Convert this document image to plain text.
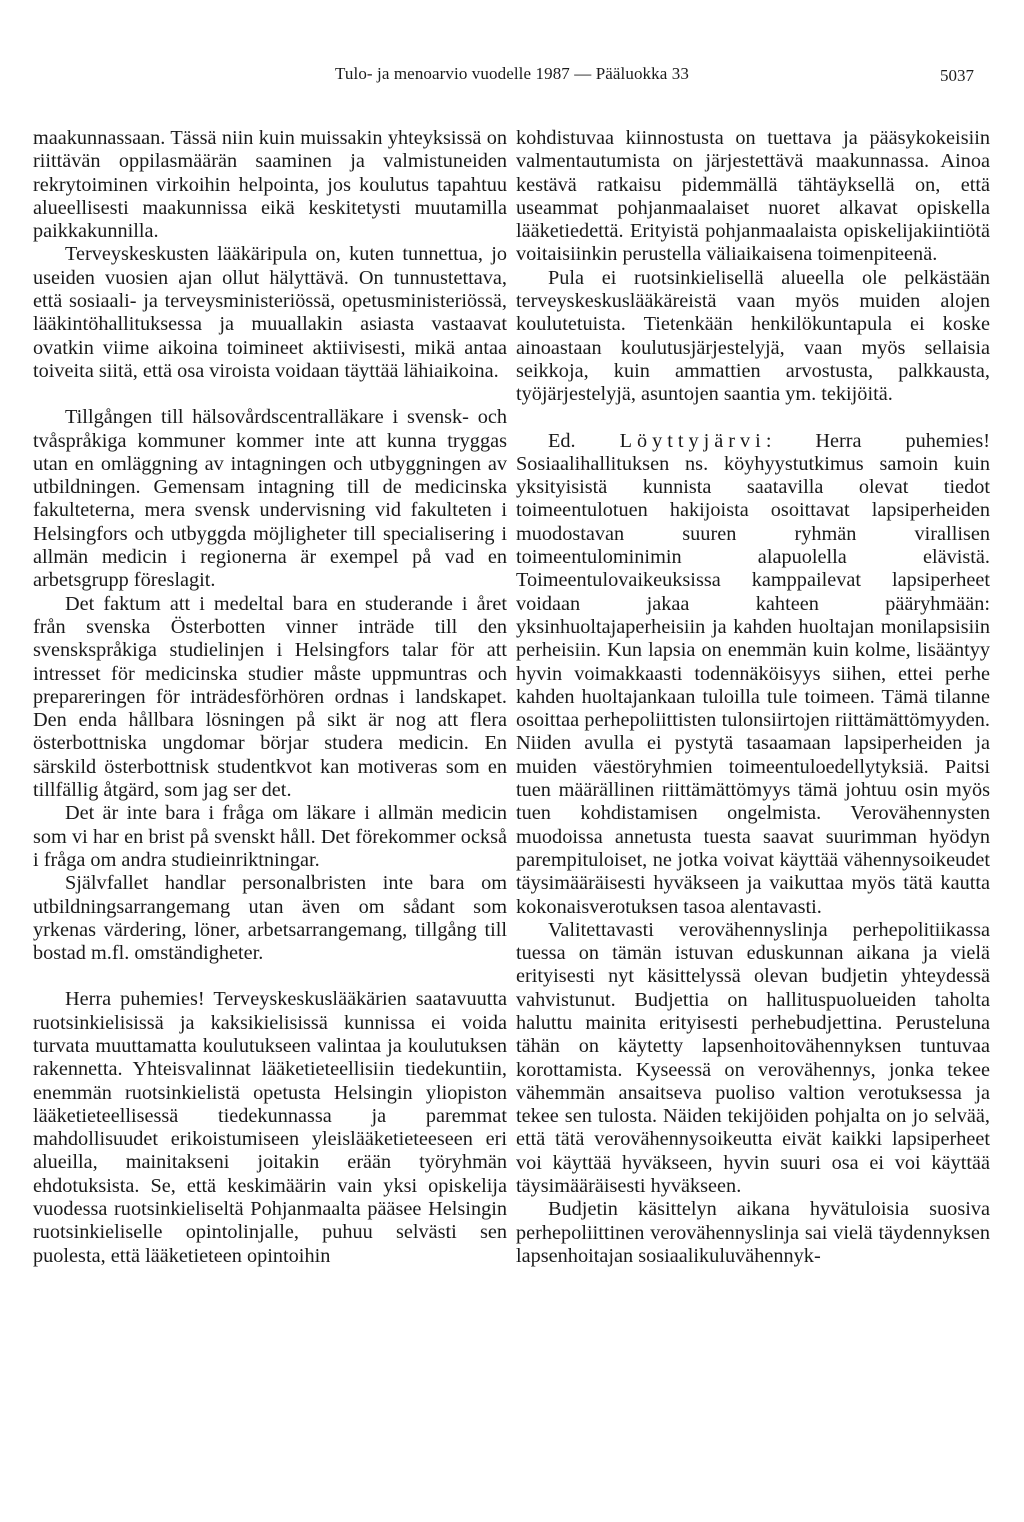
Tulo- ja menoarvio vuodelle 1987 — Pääluokka 33	5037

maakunnassaan. Tässä niin kuin muissakin yhteyksissä on riittävän oppilasmäärän saaminen ja valmistuneiden rekrytoiminen virkoihin helpointa, jos koulutus tapahtuu alueellisesti maakunnissa eikä keskitetysti muutamilla paikkakunnilla.

Terveyskeskusten lääkäripula on, kuten tunnettua, jo useiden vuosien ajan ollut hälyttävä. On tunnustettava, että sosiaali- ja terveysministeriössä, opetusministeriössä, lääkintöhallituksessa ja muuallakin asiasta vastaavat ovatkin viime aikoina toimineet aktiivisesti, mikä antaa toiveita siitä, että osa viroista voidaan täyttää lähiaikoina.

Tillgången till hälsovårdscentralläkare i svensk- och tvåspråkiga kommuner kommer inte att kunna tryggas utan en omläggning av intagningen och utbyggningen av utbildningen. Gemensam intagning till de medicinska fakulteterna, mera svensk undervisning vid fakulteten i Helsingfors och utbyggda möjligheter till specialisering i allmän medicin i regionerna är exempel på vad en arbetsgrupp föreslagit.

Det faktum att i medeltal bara en studerande i året från svenska Österbotten vinner inträde till den svenskspråkiga studielinjen i Helsingfors talar för att intresset för medicinska studier måste uppmuntras och prepareringen för inträdesförhören ordnas i landskapet. Den enda hållbara lösningen på sikt är nog att flera österbottniska ungdomar börjar studera medicin. En särskild österbottnisk studentkvot kan motiveras som en tillfällig åtgärd, som jag ser det.

Det är inte bara i fråga om läkare i allmän medicin som vi har en brist på svenskt håll. Det förekommer också i fråga om andra studieinriktningar.

Självfallet handlar personalbristen inte bara om utbildningsarrangemang utan även om sådant som yrkenas värdering, löner, arbetsarrangemang, tillgång till bostad m.fl. omständigheter.

Herra puhemies! Terveyskeskuslääkärien saatavuutta ruotsinkielisissä ja kaksikielisissä kunnissa ei voida turvata muuttamatta koulutukseen valintaa ja koulutuksen rakennetta. Yhteisvalinnat lääketieteellisiin tiedekuntiin, enemmän ruotsinkielistä opetusta Helsingin yliopiston lääketieteellisessä tiedekunnassa ja paremmat mahdollisuudet erikoistumiseen yleislääketieteeseen eri alueilla, mainitakseni joitakin erään työryhmän ehdotuksista. Se, että keskimäärin vain yksi opiskelija vuodessa ruotsinkieliseltä Pohjanmaalta pääsee Helsingin ruotsinkieliselle opintolinjalle, puhuu selvästi sen puolesta, että lääketieteen opintoihin

kohdistuvaa kiinnostusta on tuettava ja pääsykokeisiin valmentautumista on järjestettävä maakunnassa. Ainoa kestävä ratkaisu pidemmällä tähtäyksellä on, että useammat pohjanmaalaiset nuoret alkavat opiskella lääketiedettä. Erityistä pohjanmaalaista opiskelijakiintiötä voitaisiinkin perustella väliaikaisena toimenpiteenä.

Pula ei ruotsinkielisellä alueella ole pelkästään terveyskeskuslääkäreistä vaan myös muiden alojen koulutetuista. Tietenkään henkilökuntapula ei koske ainoastaan koulutusjärjestelyjä, vaan myös sellaisia seikkoja, kuin ammattien arvostusta, palkkausta, työjärjestelyjä, asuntojen saantia ym. tekijöitä.

Ed. Löyttyjärvi: Herra puhemies! Sosiaalihallituksen ns. köyhyystutkimus samoin kuin yksityisistä kunnista saatavilla olevat tiedot toimeentulotuen hakijoista osoittavat lapsiperheiden muodostavan suuren ryhmän virallisen toimeentulominimin alapuolella elävistä. Toimeentulovaikeuksissa kamppailevat lapsiperheet voidaan jakaa kahteen pääryhmään: yksinhuoltajaperheisiin ja kahden huoltajan monilapsisiin perheisiin. Kun lapsia on enemmän kuin kolme, lisääntyy hyvin voimakkaasti todennäköisyys siihen, ettei perhe kahden huoltajankaan tuloilla tule toimeen. Tämä tilanne osoittaa perhepoliittisten tulonsiirtojen riittämättömyyden. Niiden avulla ei pystytä tasaamaan lapsiperheiden ja muiden väestöryhmien toimeentuloedellytyksiä. Paitsi tuen määrällinen riittämättömyys tämä johtuu osin myös tuen kohdistamisen ongelmista. Verovähennysten muodoissa annetusta tuesta saavat suurimman hyödyn parempituloiset, ne jotka voivat käyttää vähennysoikeudet täysimääräisesti hyväkseen ja vaikuttaa myös tätä kautta kokonaisverotuksen tasoa alentavasti.

Valitettavasti verovähennyslinja perhepolitiikassa tuessa on tämän istuvan eduskunnan aikana ja vielä erityisesti nyt käsittelyssä olevan budjetin yhteydessä vahvistunut. Budjettia on hallituspuolueiden taholta haluttu mainita erityisesti perhebudjettina. Perusteluna tähän on käytetty lapsenhoitovähennyksen tuntuvaa korottamista. Kyseessä on verovähennys, jonka tekee vähemmän ansaitseva puoliso valtion verotuksessa ja tekee sen tulosta. Näiden tekijöiden pohjalta on jo selvää, että tätä verovähennysoikeutta eivät kaikki lapsiperheet voi käyttää hyväkseen, hyvin suuri osa ei voi käyttää täysimääräisesti hyväkseen.

Budjetin käsittelyn aikana hyvätuloisia suosiva perhepoliittinen verovähennyslinja sai vielä täydennyksen lapsenhoitajan sosiaalikuluvähennyk-
